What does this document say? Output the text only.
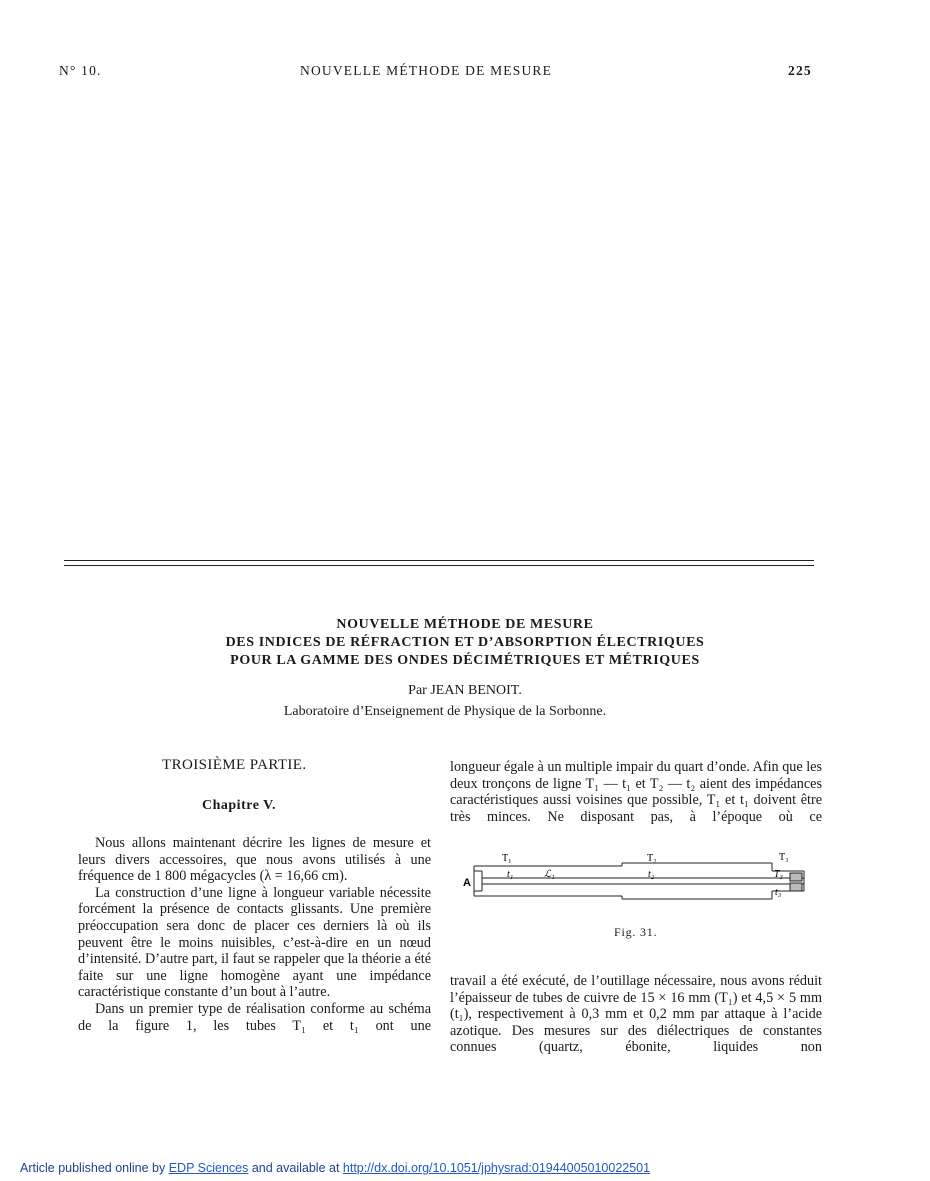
N° 10.	NOUVELLE MÉTHODE DE MESURE	225
NOUVELLE MÉTHODE DE MESURE
DES INDICES DE RÉFRACTION ET D’ABSORPTION ÉLECTRIQUES
POUR LA GAMME DES ONDES DÉCIMÉTRIQUES ET MÉTRIQUES
Par JEAN BENOIT.
Laboratoire d’Enseignement de Physique de la Sorbonne.
TROISIÈME PARTIE.
Chapitre V.

Nous allons maintenant décrire les lignes de mesure et leurs divers accessoires, que nous avons utilisés à une fréquence de 1 800 mégacycles (λ = 16,66 cm).

La construction d’une ligne à longueur variable nécessite forcément la présence de contacts glissants. Une première préoccupation sera donc de placer ces derniers là où ils peuvent être le moins nuisibles, c’est-à-dire en un nœud d’intensité. D’autre part, il faut se rappeler que la théorie a été faite sur une ligne homogène ayant une impédance caractéristique constante d’un bout à l’autre.

Dans un premier type de réalisation conforme au schéma de la figure 1, les tubes T₁ et t₁ ont une

longueur égale à un multiple impair du quart d’onde. Afin que les deux tronçons de ligne T₁ — t₁ et T₂ — t₂ aient des impédances caractéristiques aussi voisines que possible, T₁ et t₁ doivent être très minces. Ne disposant pas, à l’époque où ce

T₁	T₂	T₃
t₁	ℒ₁	t₂	T₃
t₃
A
Fig. 31.

travail a été exécuté, de l’outillage nécessaire, nous avons réduit l’épaisseur de tubes de cuivre de 15 × 16 mm (T₁) et 4,5 × 5 mm (t₁), respectivement à 0,3 mm et 0,2 mm par attaque à l’acide azotique. Des mesures sur des diélectriques de constantes connues (quartz, ébonite, liquides non

Article published online by EDP Sciences and available at http://dx.doi.org/10.1051/jphysrad:01944005010022501
